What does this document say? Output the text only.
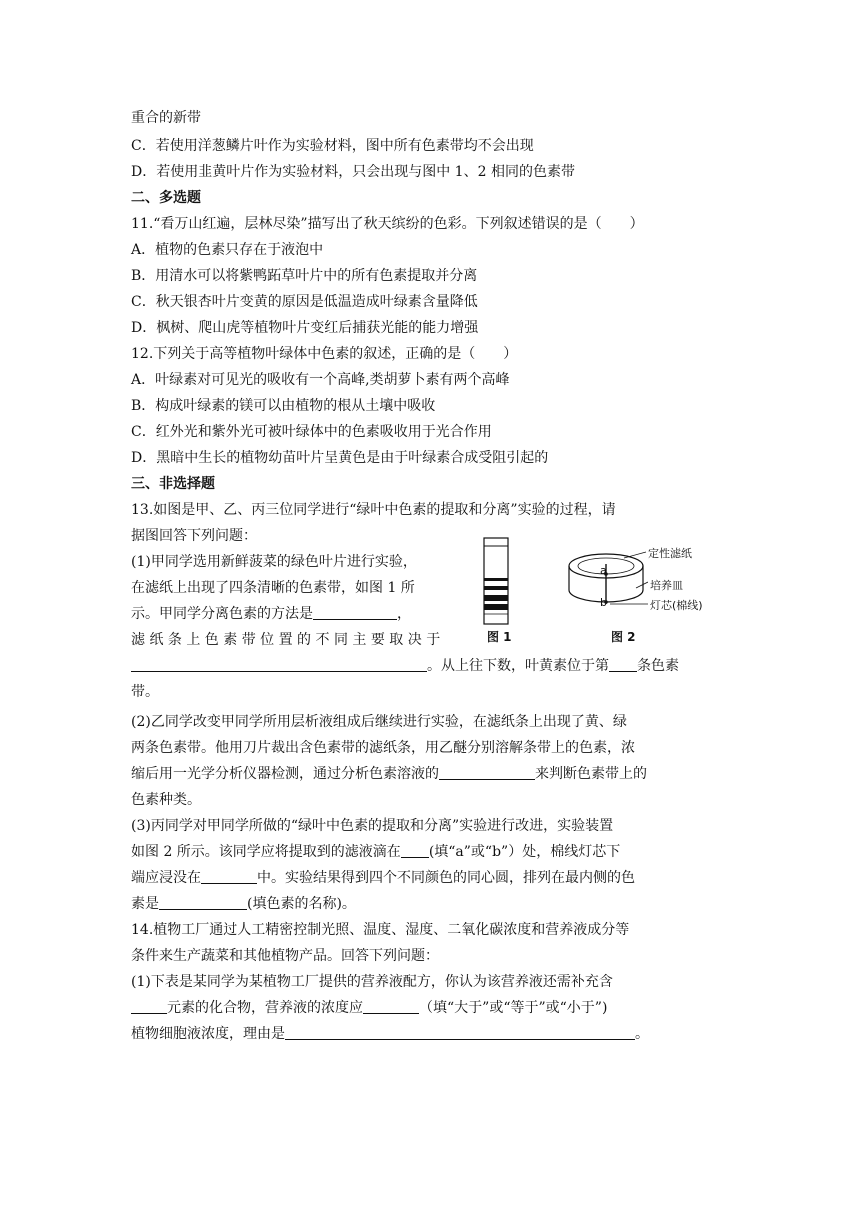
重合的新带
C．若使用洋葱鳞片叶作为实验材料，图中所有色素带均不会出现
D．若使用韭黄叶片作为实验材料，只会出现与图中 1、2 相同的色素带
二、多选题
11.“看万山红遍，层林尽染”描写出了秋天缤纷的色彩。下列叙述错误的是（　　）
A．植物的色素只存在于液泡中
B．用清水可以将紫鸭跖草叶片中的所有色素提取并分离
C．秋天银杏叶片变黄的原因是低温造成叶绿素含量降低
D．枫树、爬山虎等植物叶片变红后捕获光能的能力增强
12.下列关于高等植物叶绿体中色素的叙述，正确的是（　　）
A．叶绿素对可见光的吸收有一个高峰,类胡萝卜素有两个高峰
B．构成叶绿素的镁可以由植物的根从土壤中吸收
C．红外光和紫外光可被叶绿体中的色素吸收用于光合作用
D．黑暗中生长的植物幼苗叶片呈黄色是由于叶绿素合成受阻引起的
三、非选择题
13.如图是甲、乙、丙三位同学进行“绿叶中色素的提取和分离”实验的过程，请
据图回答下列问题：
(1)甲同学选用新鲜菠菜的绿色叶片进行实验，
在滤纸上出现了四条清晰的色素带，如图 1 所
示。甲同学分离色素的方法是	，
滤 纸 条 上 色 素 带 位 置 的 不 同 主 要 取 决 于
。从上往下数，叶黄素位于第 条色素
带。
图 1
a
b
定性滤纸
培养皿
灯芯(棉线)
图 2
(2)乙同学改变甲同学所用层析液组成后继续进行实验，在滤纸条上出现了黄、绿
两条色素带。他用刀片裁出含色素带的滤纸条，用乙醚分别溶解条带上的色素，浓
缩后用一光学分析仪器检测，通过分析色素溶液的	来判断色素带上的
色素种类。
(3)丙同学对甲同学所做的“绿叶中色素的提取和分离”实验进行改进，实验装置
如图 2 所示。该同学应将提取到的滤液滴在 (填“a”或“b”）处，棉线灯芯下
端应浸没在	中。实验结果得到四个不同颜色的同心圆，排列在最内侧的色
素是	(填色素的名称)。
14.植物工厂通过人工精密控制光照、温度、湿度、二氧化碳浓度和营养液成分等
条件来生产蔬菜和其他植物产品。回答下列问题：
(1)下表是某同学为某植物工厂提供的营养液配方，你认为该营养液还需补充含
元素的化合物，营养液的浓度应	（填“大于”或“等于”或“小于”)
植物细胞液浓度，理由是	。
